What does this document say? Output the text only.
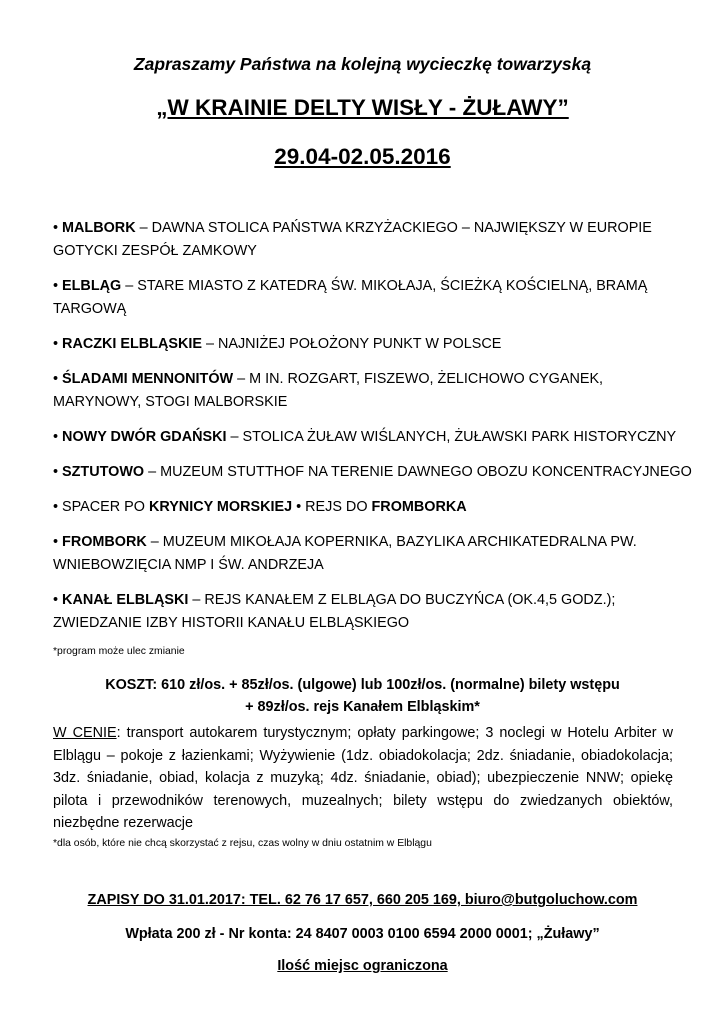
Zapraszamy Państwa na kolejną wycieczkę towarzyską
„W KRAINIE DELTY WISŁY - ŻUŁAWY”
29.04-02.05.2016
• MALBORK – DAWNA STOLICA PAŃSTWA KRZYŻACKIEGO – NAJWIĘKSZY W EUROPIE GOTYCKI ZESPÓŁ ZAMKOWY
• ELBLĄG – STARE MIASTO Z KATEDRĄ ŚW. MIKOŁAJA, ŚCIEŻKĄ KOŚCIELNĄ, BRAMĄ TARGOWĄ
• RACZKI ELBLĄSKIE – NAJNIŻEJ POŁOŻONY PUNKT W POLSCE
• ŚLADAMI MENNONITÓW – M IN. ROZGART, FISZEWO, ŻELICHOWO CYGANEK, MARYNOWY, STOGI MALBORSKIE
• NOWY DWÓR GDAŃSKI – STOLICA ŻUŁAW WIŚLANYCH, ŻUŁAWSKI PARK HISTORYCZNY
• SZTUTOWO – MUZEUM STUTTHOF NA TERENIE DAWNEGO OBOZU KONCENTRACYJNEGO
• SPACER PO KRYNICY MORSKIEJ • REJS DO FROMBORKA
• FROMBORK – MUZEUM MIKOŁAJA KOPERNIKA, BAZYLIKA ARCHIKATEDRALNA PW. WNIEBOWZIĘCIA NMP I ŚW. ANDRZEJA
• KANAŁ ELBLĄSKI – REJS KANAŁEM Z ELBLĄGA DO BUCZYŃCA (OK.4,5 GODZ.); ZWIEDZANIE IZBY HISTORII KANAŁU ELBLĄSKIEGO
*program może ulec zmianie
KOSZT: 610 zł/os. + 85zł/os. (ulgowe) lub 100zł/os. (normalne) bilety wstępu
+ 89zł/os. rejs Kanałem Elbląskim*
W CENIE: transport autokarem turystycznym; opłaty parkingowe; 3 noclegi w Hotelu Arbiter w Elblągu – pokoje z łazienkami; Wyżywienie (1dz. obiadokolacja; 2dz. śniadanie, obiadokolacja; 3dz. śniadanie, obiad, kolacja z muzyką; 4dz. śniadanie, obiad); ubezpieczenie NNW; opiekę pilota i przewodników terenowych, muzealnych; bilety wstępu do zwiedzanych obiektów, niezbędne rezerwacje
*dla osób, które nie chcą skorzystać z rejsu, czas wolny w dniu ostatnim w Elblągu
ZAPISY DO 31.01.2017: TEL. 62 76 17 657, 660 205 169, biuro@butgoluchow.com
Wpłata 200 zł - Nr konta: 24 8407 0003 0100 6594 2000 0001; „Żuławy”
Ilość miejsc ograniczona
